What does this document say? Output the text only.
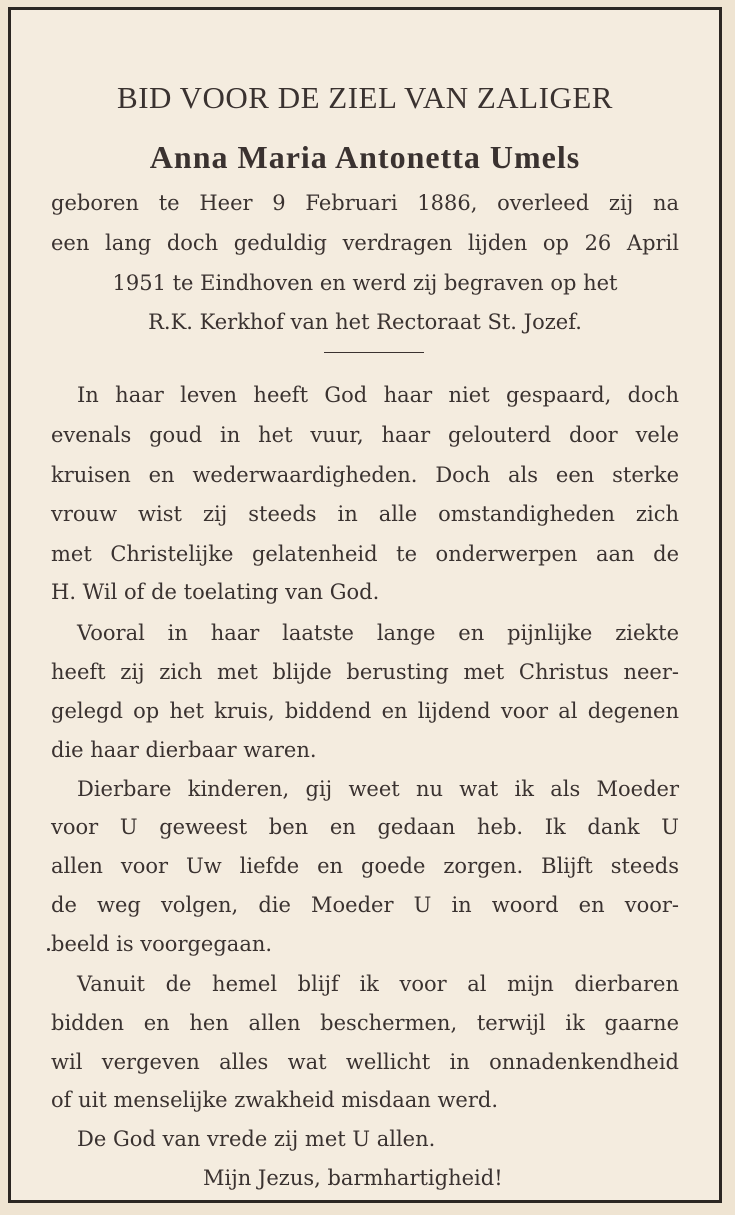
BID VOOR DE ZIEL VAN ZALIGER
Anna Maria Antonetta Umels
geboren te Heer 9 Februari 1886, overleed zij na
een lang doch geduldig verdragen lijden op 26 April
1951 te Eindhoven en werd zij begraven op het
R.K. Kerkhof van het Rectoraat St. Jozef.
In haar leven heeft God haar niet gespaard, doch
evenals goud in het vuur, haar gelouterd door vele
kruisen en wederwaardigheden. Doch als een sterke
vrouw wist zij steeds in alle omstandigheden zich
met Christelijke gelatenheid te onderwerpen aan de
H. Wil of de toelating van God.
Vooral in haar laatste lange en pijnlijke ziekte
heeft zij zich met blijde berusting met Christus neer-
gelegd op het kruis, biddend en lijdend voor al degenen
die haar dierbaar waren.
Dierbare kinderen, gij weet nu wat ik als Moeder
voor U geweest ben en gedaan heb. Ik dank U
allen voor Uw liefde en goede zorgen. Blijft steeds
de weg volgen, die Moeder U in woord en voor-
beeld is voorgegaan.
Vanuit de hemel blijf ik voor al mijn dierbaren
bidden en hen allen beschermen, terwijl ik gaarne
wil vergeven alles wat wellicht in onnadenkendheid
of uit menselijke zwakheid misdaan werd.
De God van vrede zij met U allen.
Mijn Jezus, barmhartigheid!
